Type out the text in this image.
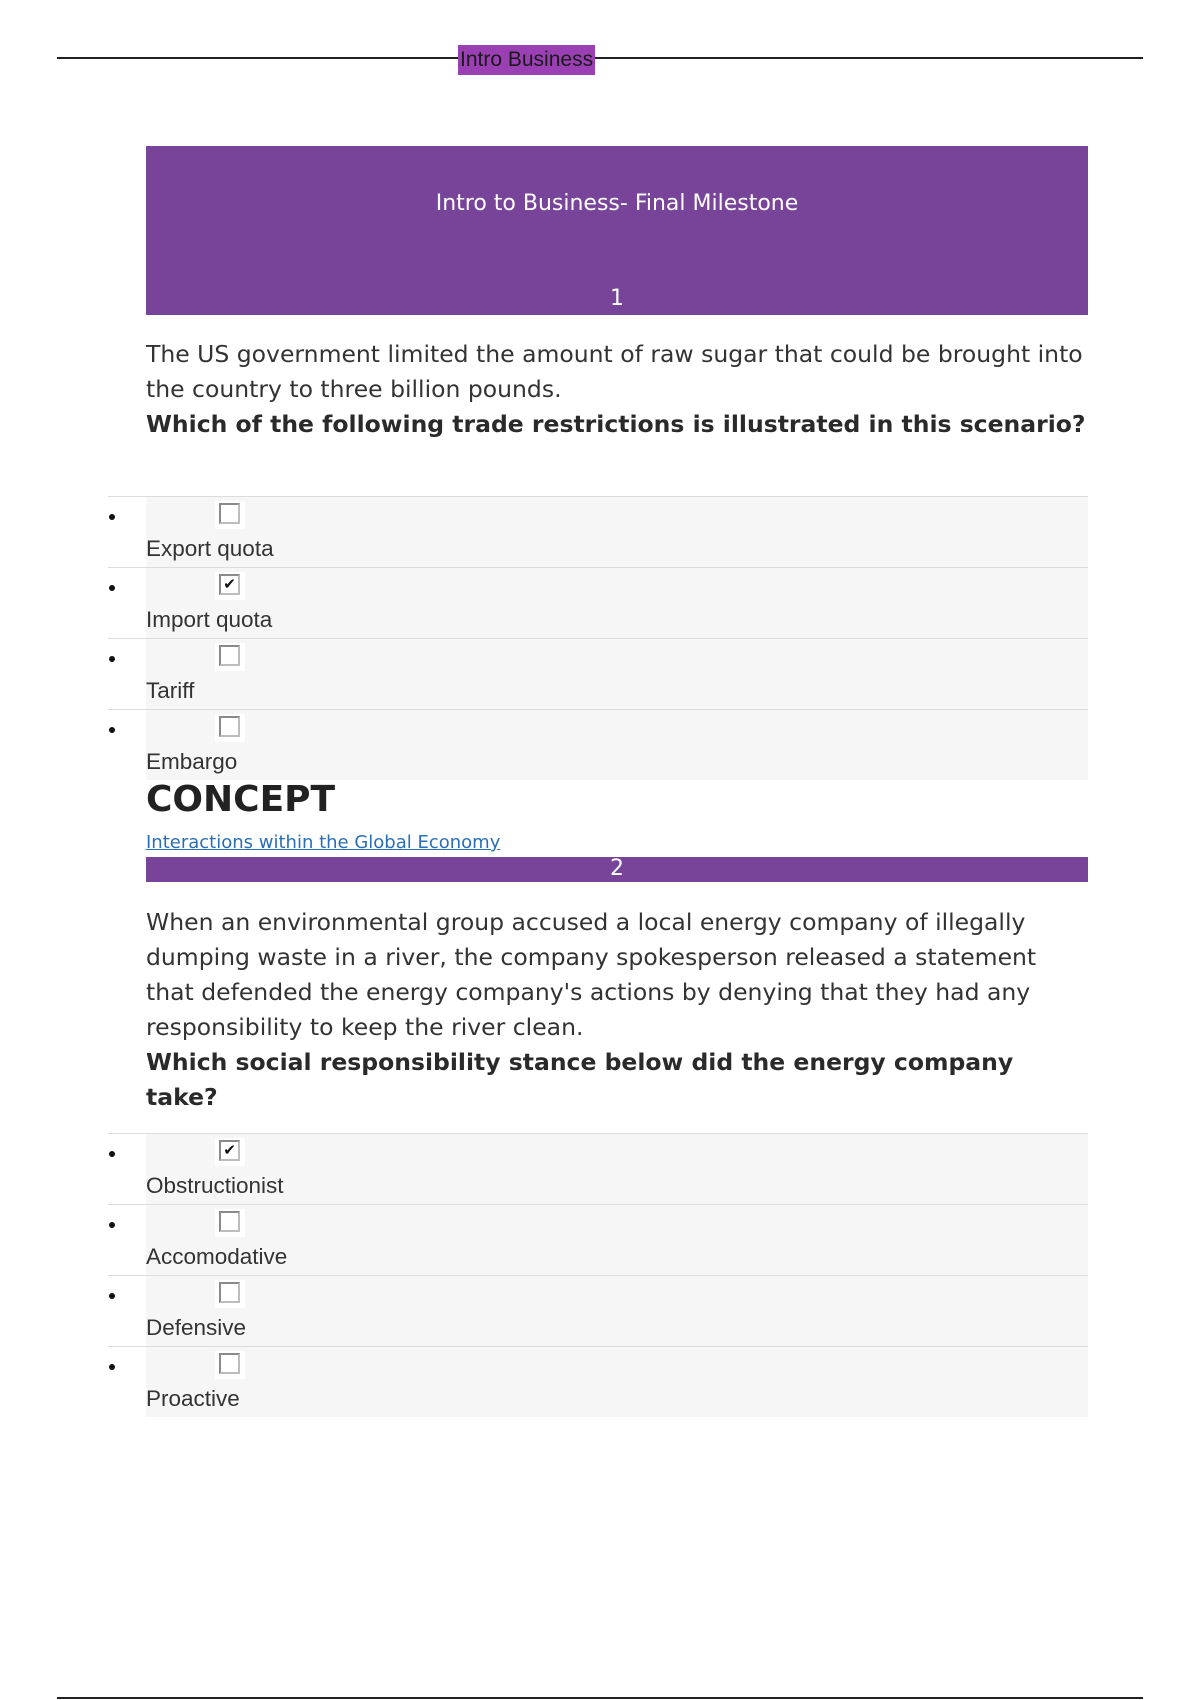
Intro Business
Intro to Business- Final Milestone
1
The US government limited the amount of raw sugar that could be brought into the country to three billion pounds.
Which of the following trade restrictions is illustrated in this scenario?
Export quota
✔
Import quota
Tariff
Embargo
CONCEPT
Interactions within the Global Economy
2
When an environmental group accused a local energy company of illegally dumping waste in a river, the company spokesperson released a statement that defended the energy company's actions by denying that they had any responsibility to keep the river clean.
Which social responsibility stance below did the energy company take?
✔
Obstructionist
Accomodative
Defensive
Proactive
